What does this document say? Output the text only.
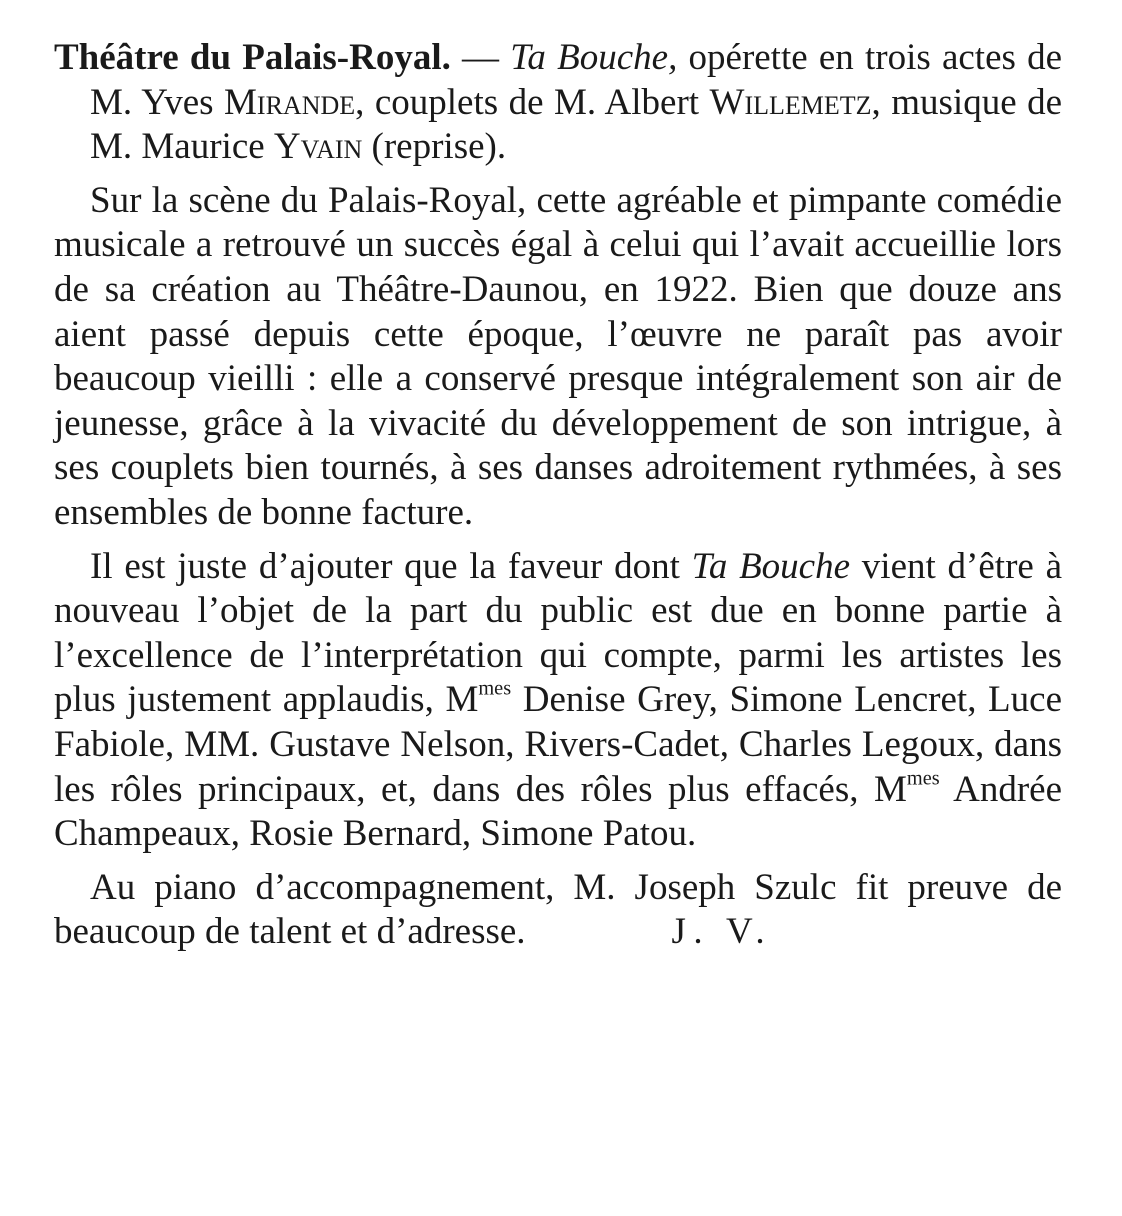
Théâtre du Palais-Royal. — Ta Bouche, opérette en trois actes de M. Yves Mirande, couplets de M. Albert Willemetz, musique de M. Maurice Yvain (reprise).

Sur la scène du Palais-Royal, cette agréable et pimpante comédie musicale a retrouvé un succès égal à celui qui l’avait accueillie lors de sa création au Théâtre-Daunou, en 1922. Bien que douze ans aient passé depuis cette époque, l’œuvre ne paraît pas avoir beaucoup vieilli : elle a conservé presque intégralement son air de jeunesse, grâce à la vivacité du développement de son intrigue, à ses couplets bien tournés, à ses danses adroitement rythmées, à ses ensembles de bonne facture.

Il est juste d’ajouter que la faveur dont Ta Bouche vient d’être à nouveau l’objet de la part du public est due en bonne partie à l’excellence de l’interprétation qui compte, parmi les artistes les plus justement applaudis, $M^{mes}$ Denise Grey, Simone Lencret, Luce Fabiole, MM. Gustave Nelson, Rivers-Cadet, Charles Legoux, dans les rôles principaux, et, dans des rôles plus effacés, $M^{mes}$ Andrée Champeaux, Rosie Bernard, Simone Patou.

Au piano d’accompagnement, M. Joseph Szulc fit preuve de beaucoup de talent et d’adresse.	J. V.
